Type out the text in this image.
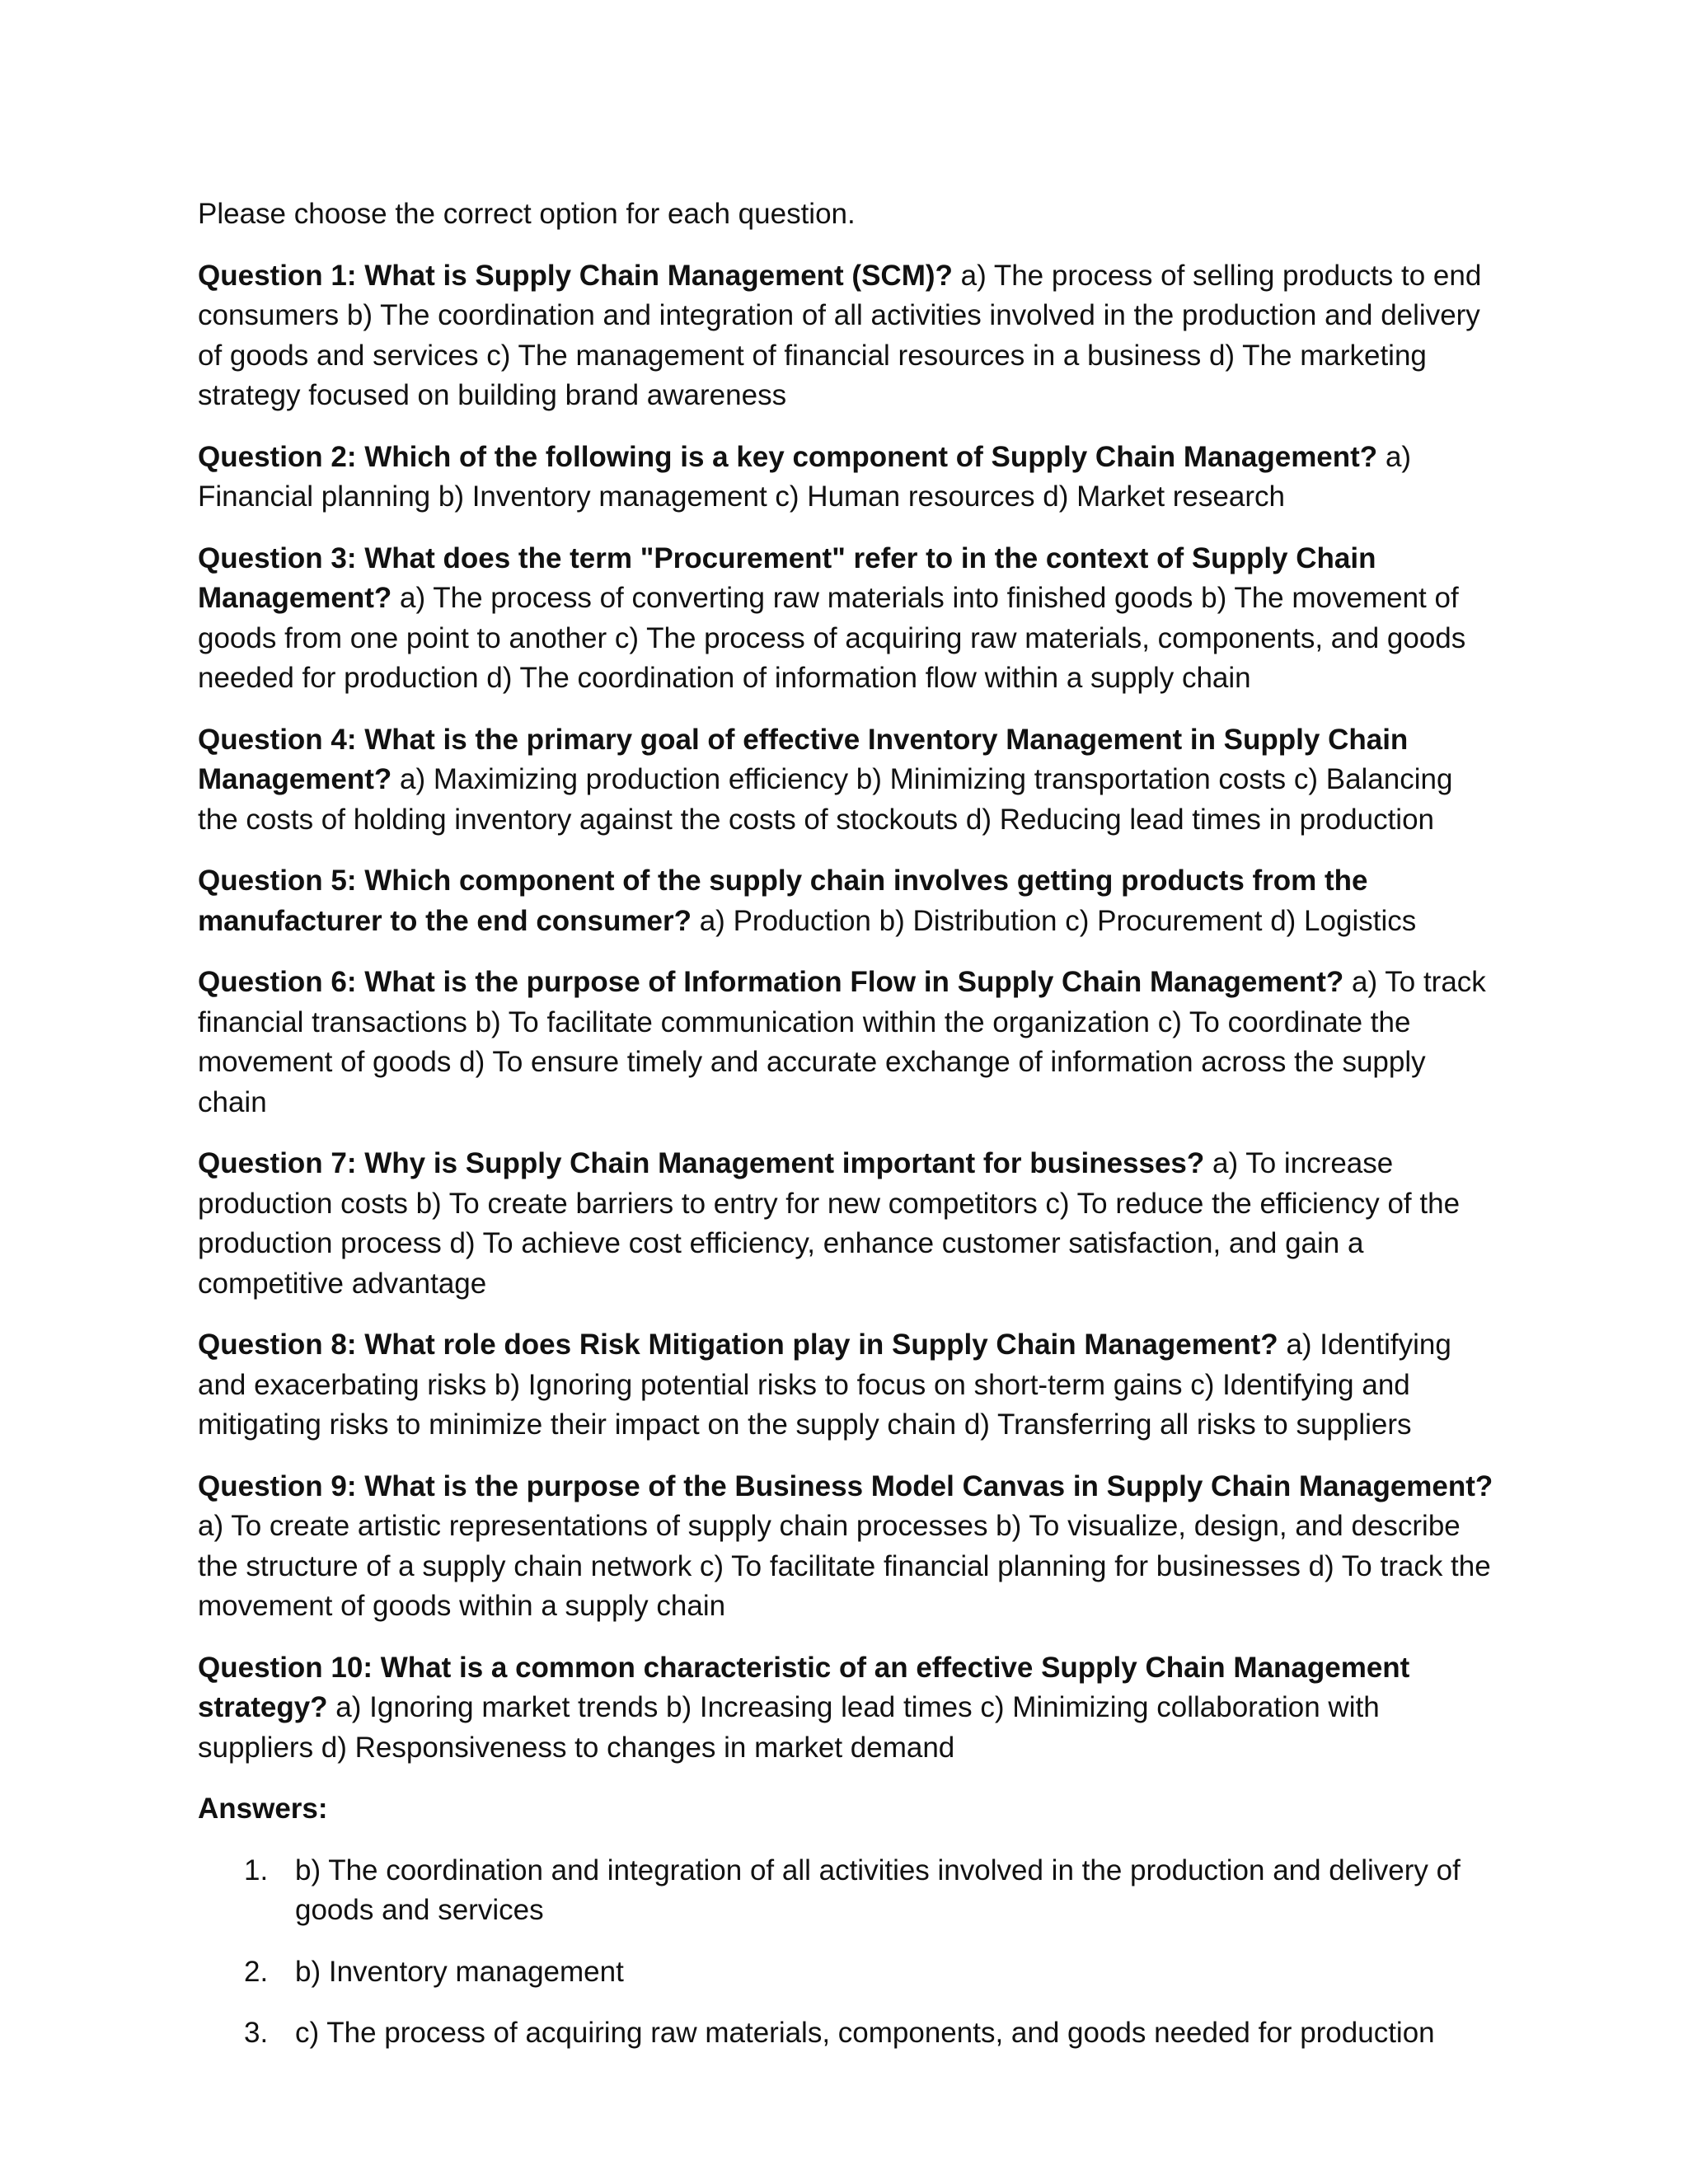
Please choose the correct option for each question.

Question 1: What is Supply Chain Management (SCM)? a) The process of selling products to end consumers b) The coordination and integration of all activities involved in the production and delivery of goods and services c) The management of financial resources in a business d) The marketing strategy focused on building brand awareness

Question 2: Which of the following is a key component of Supply Chain Management? a) Financial planning b) Inventory management c) Human resources d) Market research

Question 3: What does the term "Procurement" refer to in the context of Supply Chain Management? a) The process of converting raw materials into finished goods b) The movement of goods from one point to another c) The process of acquiring raw materials, components, and goods needed for production d) The coordination of information flow within a supply chain

Question 4: What is the primary goal of effective Inventory Management in Supply Chain Management? a) Maximizing production efficiency b) Minimizing transportation costs c) Balancing the costs of holding inventory against the costs of stockouts d) Reducing lead times in production

Question 5: Which component of the supply chain involves getting products from the manufacturer to the end consumer? a) Production b) Distribution c) Procurement d) Logistics

Question 6: What is the purpose of Information Flow in Supply Chain Management? a) To track financial transactions b) To facilitate communication within the organization c) To coordinate the movement of goods d) To ensure timely and accurate exchange of information across the supply chain

Question 7: Why is Supply Chain Management important for businesses? a) To increase production costs b) To create barriers to entry for new competitors c) To reduce the efficiency of the production process d) To achieve cost efficiency, enhance customer satisfaction, and gain a competitive advantage

Question 8: What role does Risk Mitigation play in Supply Chain Management? a) Identifying and exacerbating risks b) Ignoring potential risks to focus on short-term gains c) Identifying and mitigating risks to minimize their impact on the supply chain d) Transferring all risks to suppliers

Question 9: What is the purpose of the Business Model Canvas in Supply Chain Management? a) To create artistic representations of supply chain processes b) To visualize, design, and describe the structure of a supply chain network c) To facilitate financial planning for businesses d) To track the movement of goods within a supply chain

Question 10: What is a common characteristic of an effective Supply Chain Management strategy? a) Ignoring market trends b) Increasing lead times c) Minimizing collaboration with suppliers d) Responsiveness to changes in market demand

Answers:

1. b) The coordination and integration of all activities involved in the production and delivery of goods and services
2. b) Inventory management
3. c) The process of acquiring raw materials, components, and goods needed for production
